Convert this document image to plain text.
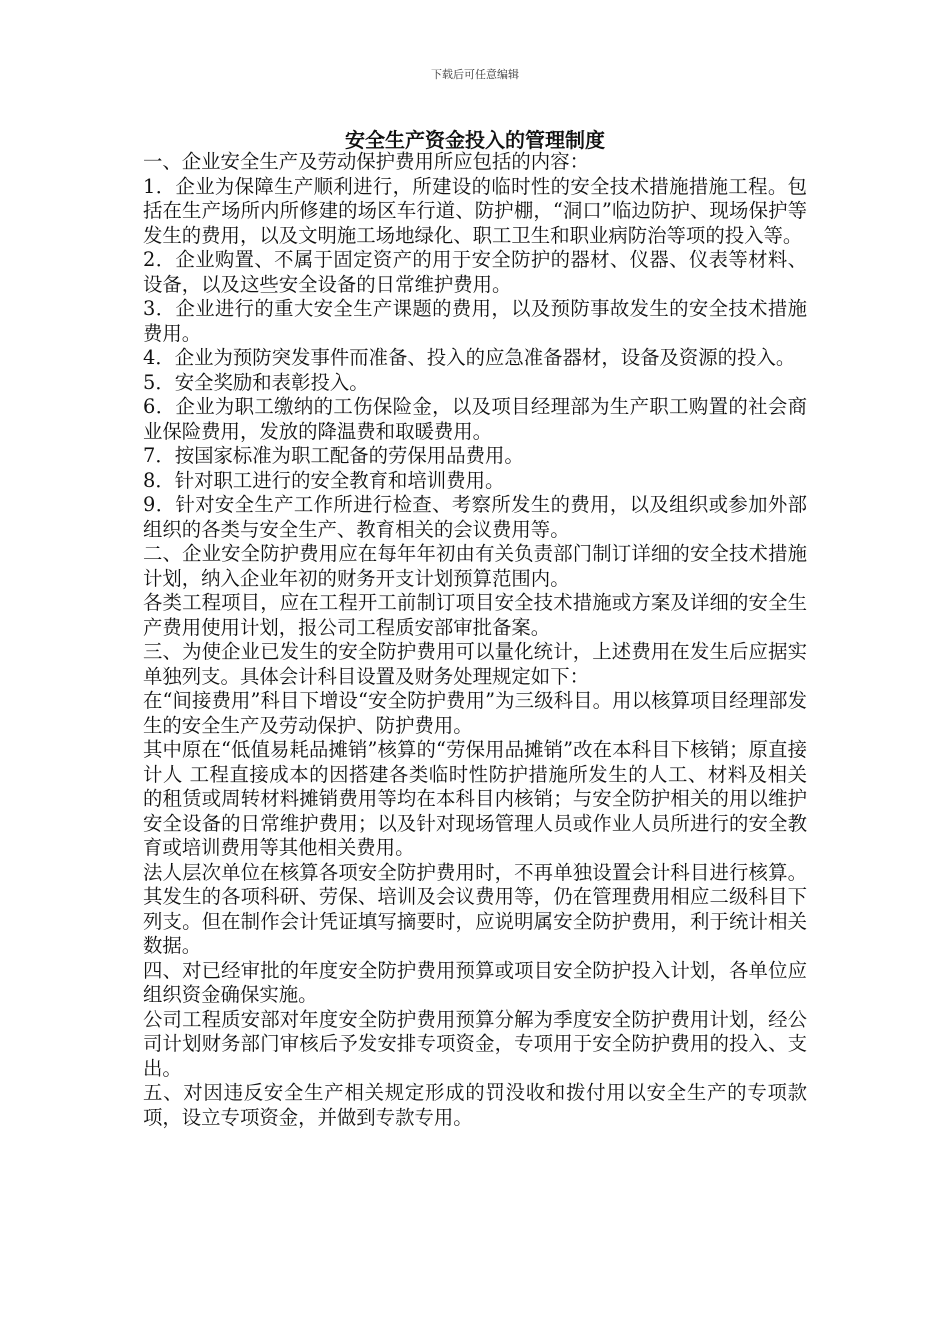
下载后可任意编辑
安全生产资金投入的管理制度

一、企业安全生产及劳动保护费用所应包括的内容：

1．企业为保障生产顺利进行，所建设的临时性的安全技术措施措施工程。包括在生产场所内所修建的场区车行道、防护棚，“洞口”临边防护、现场保护等发生的费用，以及文明施工场地绿化、职工卫生和职业病防治等项的投入等。

2．企业购置、不属于固定资产的用于安全防护的器材、仪器、仪表等材料、设备，以及这些安全设备的日常维护费用。

3．企业进行的重大安全生产课题的费用，以及预防事故发生的安全技术措施费用。

4．企业为预防突发事件而准备、投入的应急准备器材，设备及资源的投入。

5．安全奖励和表彰投入。

6．企业为职工缴纳的工伤保险金，以及项目经理部为生产职工购置的社会商业保险费用，发放的降温费和取暖费用。

7．按国家标准为职工配备的劳保用品费用。

8．针对职工进行的安全教育和培训费用。

9．针对安全生产工作所进行检查、考察所发生的费用，以及组织或参加外部组织的各类与安全生产、教育相关的会议费用等。

二、企业安全防护费用应在每年年初由有关负责部门制订详细的安全技术措施计划，纳入企业年初的财务开支计划预算范围内。

各类工程项目，应在工程开工前制订项目安全技术措施或方案及详细的安全生产费用使用计划，报公司工程质安部审批备案。

三、为使企业已发生的安全防护费用可以量化统计，上述费用在发生后应据实单独列支。具体会计科目设置及财务处理规定如下：

在“间接费用”科目下增设“安全防护费用”为三级科目。用以核算项目经理部发生的安全生产及劳动保护、防护费用。

其中原在“低值易耗品摊销”核算的“劳保用品摊销”改在本科目下核销；原直接计人 工程直接成本的因搭建各类临时性防护措施所发生的人工、材料及相关的租赁或周转材料摊销费用等均在本科目内核销；与安全防护相关的用以维护安全设备的日常维护费用；以及针对现场管理人员或作业人员所进行的安全教育或培训费用等其他相关费用。

法人层次单位在核算各项安全防护费用时，不再单独设置会计科目进行核算。其发生的各项科研、劳保、培训及会议费用等，仍在管理费用相应二级科目下列支。但在制作会计凭证填写摘要时，应说明属安全防护费用，利于统计相关数据。

四、对已经审批的年度安全防护费用预算或项目安全防护投入计划，各单位应组织资金确保实施。

公司工程质安部对年度安全防护费用预算分解为季度安全防护费用计划，经公司计划财务部门审核后予发安排专项资金，专项用于安全防护费用的投入、支出。

五、对因违反安全生产相关规定形成的罚没收和拨付用以安全生产的专项款项，设立专项资金，并做到专款专用。
